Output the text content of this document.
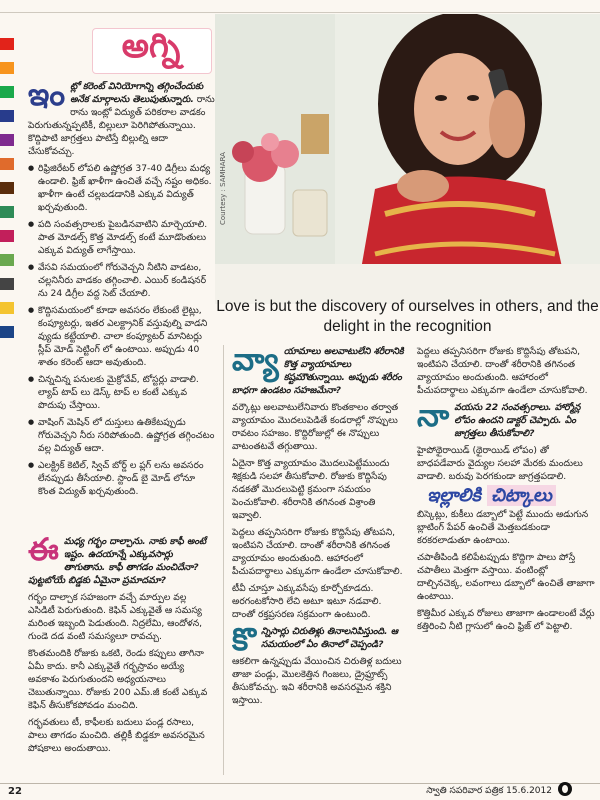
అగ్ని
Courtesy : SAMHARA
Love is but the discovery of ourselves in others, and the delight in the recognition

ఇంట్లో కరెంట్ వినియోగాన్ని తగ్గించేందుకు అనేక మార్గాలను తెలుపుతున్నారు. రాను రాను ఇంట్లో విద్యుత్ పరికరాల వాడకం పెరుగుతున్నప్పటికీ, బిల్లులూ పెరిగిపోతున్నాయి. కొద్దిపాటి జాగ్రత్తలు పాటిస్తే బిల్లుల్ని ఆదా చేసుకోవచ్చు.

● రిఫ్రిజిరేటర్ లోపలి ఉష్ణోగ్రత 37-40 డిగ్రీలు మధ్య ఉండాలి. ఫ్రిజ్ ఖాళీగా ఉంచితే వచ్చే నష్టం అధికం. ఖాళీగా ఉంటే చల్లబడడానికి ఎక్కువ విద్యుత్ ఖర్చవుతుంది.

● పది సంవత్సరాలకు పైబడినవాటిని మార్చెయాలి. పాత మోడల్స్ కొత్త మోడల్స్ కంటే మూడొంతులు ఎక్కువ విద్యుత్ లాగేస్తాయి.

● వేసవి సమయంలో గోరువెచ్చని నీటిని వాడటం, చల్లనినీరు వాడకం తగ్గించాలి. ఎయిర్ కండిషనర్ ను 24 డిగ్రీల వద్ద సెట్ చేయాలి.

● కొద్దిసమయంలో కూడా అవసరం లేకుంటే లైట్లు, కంప్యూటర్లు, ఇతర ఎలక్ట్రానిక్ వస్తువుల్ని వాడని వ్యుడు కట్టేయాలి. చాలా కంప్యూటర్ మానిటర్లు స్లీప్ మోడ్ సెట్టింగ్ లో ఉంటాయి. అప్పుడు 40 శాతం కరెంట్ ఆదా అవుతుంది.

● చిన్నచిన్న పనులకు మైక్రోవేవ్, టోస్టర్లు వాడాలి. ల్యాప్ టాప్ లు డెస్క్ టాప్ ల కంటే ఎక్కువ పొదుపు చేస్తాయి.

● వాషింగ్ మెషిన్ లో దుస్తులు ఉతికేటప్పుడు గోరువెచ్చని నీరు సరిపోతుంది. ఉష్ణోగ్రత తగ్గించటం వల్ల విద్యుత్ ఆదా.

● ఎలక్ట్రిక్ కెటిల్, స్విచ్ బోర్డ్ ల ప్లగ్ లను అవసరం లేనప్పుడు తీసేయాలి. స్టాండ్ బై మోడ్ లోనూ కొంత విద్యుత్ ఖర్చవుతుంది.

ఈమధ్య గర్భం దాల్చాను. నాకు కాఫీ అంటే ఇష్టం. ఉదయాన్నే ఎక్కువసార్లు తాగుతాను. కాఫీ తాగడం మంచిదేనా? పుట్టబోయే బిడ్డకు ఏమైనా ప్రమాదమా?

గర్భం దాల్చాక సహజంగా వచ్చే మార్పుల వల్ల ఎసిడిటీ పెరుగుతుంది. కెఫిన్ ఎక్కువైతే ఆ సమస్య మరింత ఇబ్బంది పెడుతుంది. నిద్రలేమి, ఆందోళన, గుండె దడ వంటి సమస్యలూ రావచ్చు.

కొంతమందికి రోజుకు ఒకటి, రెండు కప్పులు తాగినా ఏమీ కాదు. కానీ ఎక్కువైతే గర్భస్రావం అయ్యే అవకాశం పెరుగుతుందని అధ్యయనాలు చెబుతున్నాయి. రోజుకు 200 ఎమ్.జీ కంటే ఎక్కువ కెఫిన్ తీసుకోకపోవడం మంచిది.

గర్భవతులు టీ, కాఫీలకు బదులు పండ్ల రసాలు, పాలు తాగడం మంచిది. తల్లికీ బిడ్డకూ అవసరమైన పోషకాలు అందుతాయి.

వ్యా యామాలు అలవాటులేని శరీరానికి కొత్త వ్యాయామాలు కష్టమౌతున్నాయి. అప్పుడు శరీరం బాధగా ఉండటం సహజమేనా?

వర్కౌట్లు అలవాటులేనివారు కొంతకాలం తర్వాత వ్యాయామం మొదలుపెడితే కండరాల్లో నొప్పులు రావటం సహజం. కొద్దిరోజుల్లో ఈ నొప్పులు వాటంతటవే తగ్గుతాయి.

ఏదైనా కొత్త వ్యాయామం మొదలుపెట్టేముందు శిక్షకుడి సలహా తీసుకోవాలి. రోజుకు కొద్దిసేపు నడకతో మొదలుపెట్టి క్రమంగా సమయం పెంచుకోవాలి. శరీరానికి తగినంత విశ్రాంతి ఇవ్వాలి.

పెద్దలు తప్పనిసరిగా రోజుకు కొద్దిసేపు తోటపని, ఇంటిపని చేయాలి. దాంతో శరీరానికి తగినంత వ్యాయామం అందుతుంది. ఆహారంలో పీచుపదార్థాలు ఎక్కువగా ఉండేలా చూసుకోవాలి.

టీవీ చూస్తూ ఎక్కువసేపు కూర్చోకూడదు. అరగంటకోసారి లేచి అటూ ఇటూ నడవాలి. దాంతో రక్తప్రసరణ సక్రమంగా ఉంటుంది.

కొన్నిసార్లు చిరుతిళ్లు తినాలనిపిస్తుంది. ఆ సమయంలో ఏం తినాలో చెప్పండి?

ఆకలిగా ఉన్నప్పుడు వేయించిన చిరుతిళ్ల బదులు తాజా పండ్లు, మొలకెత్తిన గింజలు, డ్రైఫ్రూట్స్ తీసుకోవచ్చు. ఇవి శరీరానికి అవసరమైన శక్తిని ఇస్తాయి.

పెద్దలు తప్పనిసరిగా రోజుకు కొద్దిసేపు తోటపని, ఇంటిపని చేయాలి. దాంతో శరీరానికి తగినంత వ్యాయామం అందుతుంది. ఆహారంలో పీచుపదార్థాలు ఎక్కువగా ఉండేలా చూసుకోవాలి.

నావయసు 22 సంవత్సరాలు. హార్మోన్ల లోపం ఉందని డాక్టర్ చెప్పారు. ఏం జాగ్రత్తలు తీసుకోవాలి?

హైపోథైరాయిడ్ (థైరాయిడ్ లోపం) తో బాధపడేవారు వైద్యుల సలహా మేరకు మందులు వాడాలి. బరువు పెరగకుండా జాగ్రత్తపడాలి.

ఇల్లాలికి చిట్కాలు

బిస్కెట్లు, కుకీలు డబ్బాలో పెట్టే ముందు అడుగున బ్లాటింగ్ పేపర్ ఉంచితే మెత్తబడకుండా కరకరలాడుతూ ఉంటాయి.

చపాతీపిండి కలిపేటప్పుడు కొద్దిగా పాలు పోస్తే చపాతీలు మెత్తగా వస్తాయి. వంటింట్లో దాల్చినచెక్క, లవంగాలు డబ్బాలో ఉంచితే తాజాగా ఉంటాయి.

కొత్తిమీర ఎక్కువ రోజులు తాజాగా ఉండాలంటే వేర్లు కత్తిరించి నీటి గ్లాసులో ఉంచి ఫ్రిజ్ లో పెట్టాలి.

22	స్వాతి సపరివార పత్రిక 15.6.2012
